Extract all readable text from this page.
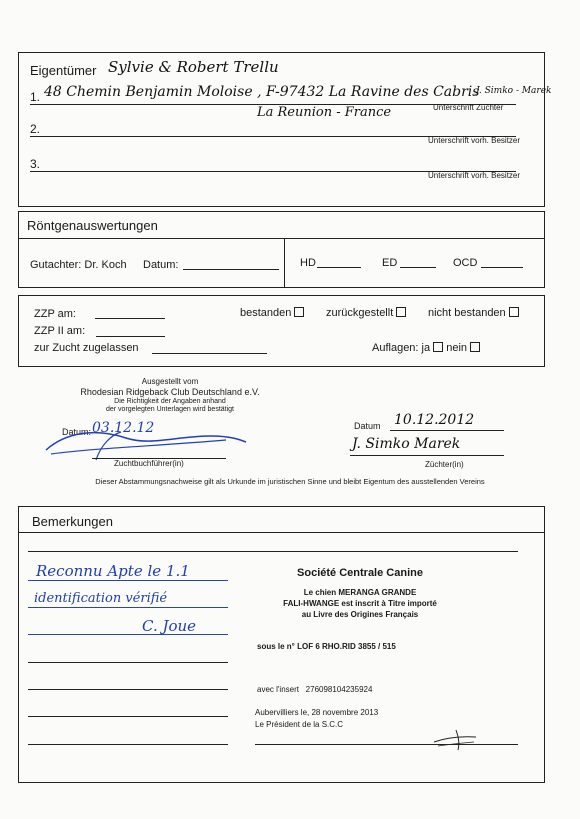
Eigentümer Sylvie & Robert Trellu
1. 48 Chemin Benjamin Moloise , F-97432 La Ravine des Cabris
J. Simko - Marek
Unterschrift Züchter
La Reunion - France
2.
Unterschrift vorh. Besitzer
3.
Unterschrift vorh. Besitzer
Röntgenauswertungen
Gutachter: Dr. Koch Datum:	HD	ED	OCD
ZZP am:	bestanden	zurückgestellt	nicht bestanden
ZZP II am:
zur Zucht zugelassen	Auflagen: ja nein
Ausgestellt vom
Rhodesian Ridgeback Club Deutschland e.V.
Die Richtigkeit der Angaben anhand
der vorgelegten Unterlagen wird bestätigt
Datum: 03.12.12
Zuchtbuchführer(in)
Datum 10.12.2012
J. Simko Marek
Züchter(in)
Dieser Abstammungsnachweise gilt als Urkunde im juristischen Sinne und bleibt Eigentum des ausstellenden Vereins
Bemerkungen
Reconnu Apte le 1.1
identification vérifié
C. Joue
Société Centrale Canine
Le chien MERANGA GRANDE
FALI-HWANGE est inscrit à Titre importé
au Livre des Origines Français
sous le n° LOF 6 RHO.RID 3855 / 515
avec l'insert 276098104235924
Aubervilliers le, 28 novembre 2013
Le Président de la S.C.C
